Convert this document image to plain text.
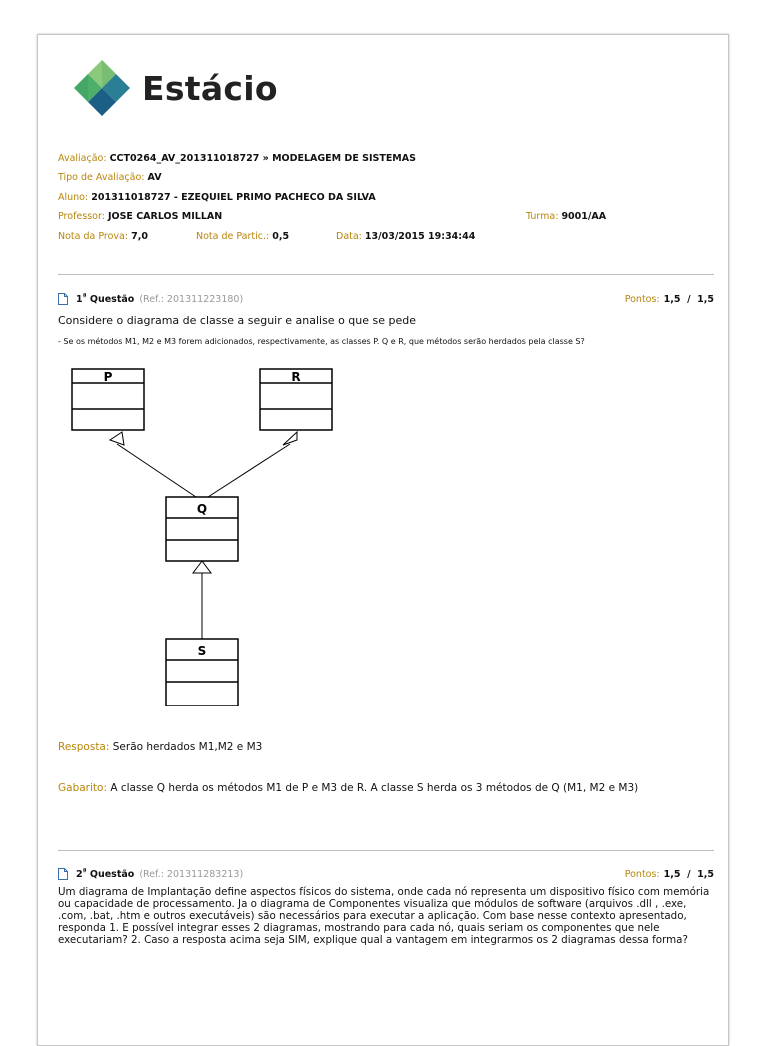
Estácio
Avaliação: CCT0264_AV_201311018727 » MODELAGEM DE SISTEMAS
Tipo de Avaliação: AV
Aluno: 201311018727 - EZEQUIEL PRIMO PACHECO DA SILVA
Professor: JOSE CARLOS MILLAN	Turma: 9001/AA
Nota da Prova: 7,0	Nota de Partic.: 0,5	Data: 13/03/2015 19:34:44
$1^ª$ Questão (Ref.: 201311223180)	Pontos: 1,5  /  1,5
Considere o diagrama de classe a seguir e analise o que se pede
- Se os métodos M1, M2 e M3 forem adicionados, respectivamente, as classes P. Q e R, que métodos serão herdados pela classe S?
P	R
Q
S
Resposta: Serão herdados M1,M2 e M3
Gabarito: A classe Q herda os métodos M1 de P e M3 de R. A classe S herda os 3 métodos de Q (M1, M2 e M3)
$2^ª$ Questão (Ref.: 201311283213)	Pontos: 1,5  /  1,5
Um diagrama de Implantação define aspectos físicos do sistema, onde cada nó representa um dispositivo físico com memória ou capacidade de processamento. Ja o diagrama de Componentes visualiza que módulos de software (arquivos .dll , .exe, .com, .bat, .htm e outros executáveis) são necessários para executar a aplicação. Com base nesse contexto apresentado, responda 1. E possível integrar esses 2 diagramas, mostrando para cada nó, quais seriam os componentes que nele executariam? 2. Caso a resposta acima seja SIM, explique qual a vantagem em integrarmos os 2 diagramas dessa forma?
